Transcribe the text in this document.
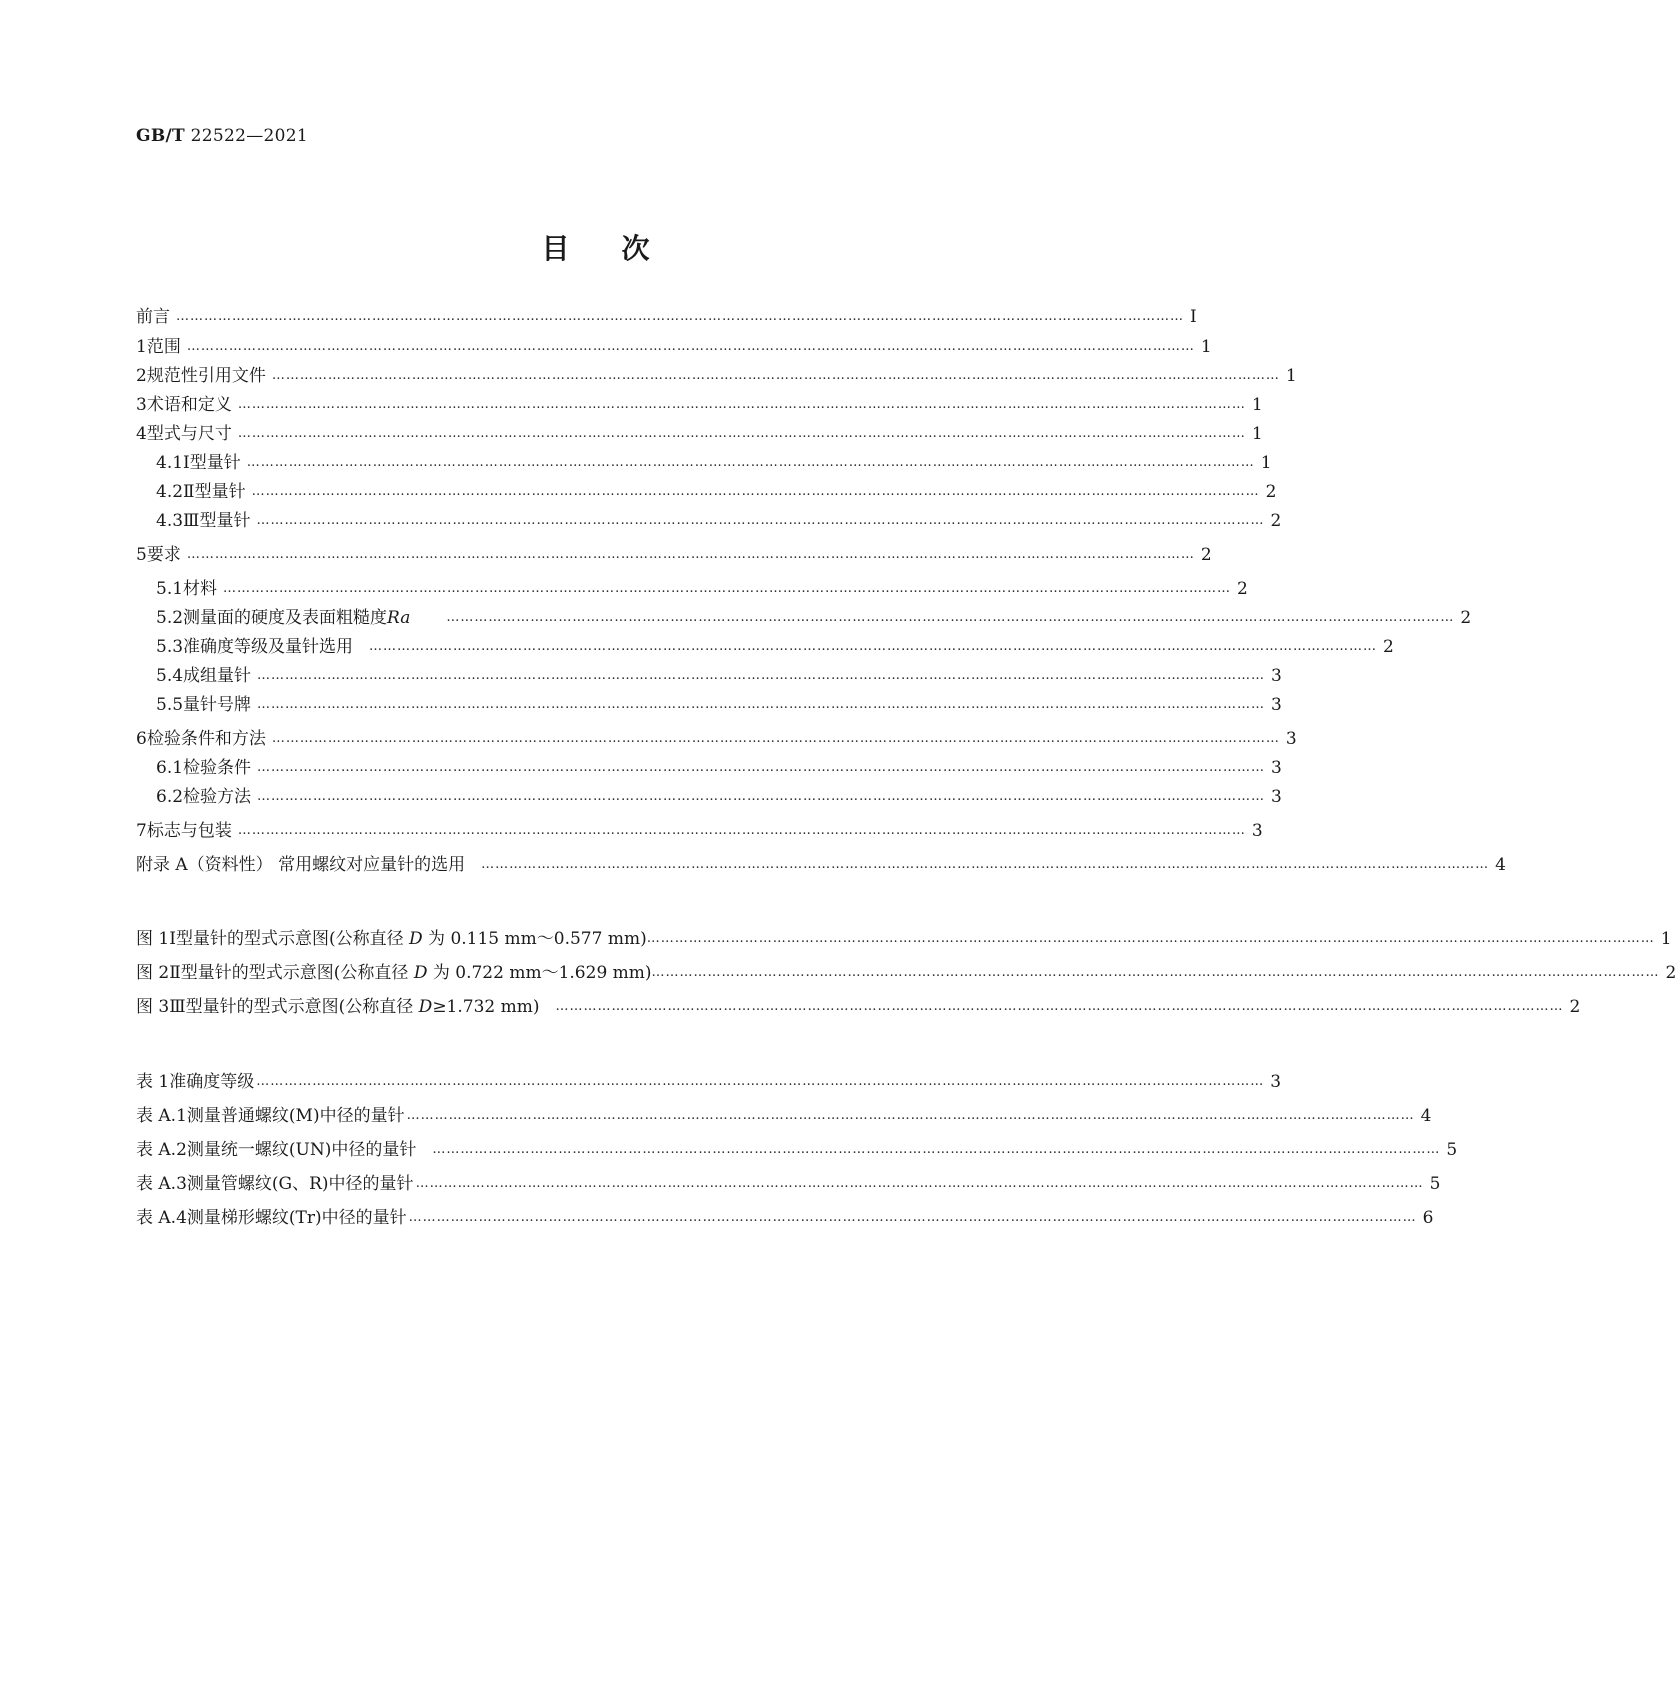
GB/T 22522—2021
目次
前言 ……………………………………………………………………………………………………………………………………………………………………………………………… Ⅰ
1 范围 ……………………………………………………………………………………………………………………………………………………………………………………………… 1
2 规范性引用文件 ……………………………………………………………………………………………………………………………………………………………………………………………… 1
3 术语和定义 ……………………………………………………………………………………………………………………………………………………………………………………………… 1
4 型式与尺寸 ……………………………………………………………………………………………………………………………………………………………………………………………… 1
4.1 Ⅰ型量针 ……………………………………………………………………………………………………………………………………………………………………………………………… 1
4.2 Ⅱ型量针 ……………………………………………………………………………………………………………………………………………………………………………………………… 2
4.3 Ⅲ型量针 ……………………………………………………………………………………………………………………………………………………………………………………………… 2
5 要求 ……………………………………………………………………………………………………………………………………………………………………………………………… 2
5.1 材料 ……………………………………………………………………………………………………………………………………………………………………………………………… 2
5.2 测量面的硬度及表面粗糙度Ra	……………………………………………………………………………………………………………………………………………………………………………………………… 2
5.3 准确度等级及量针选用 ……………………………………………………………………………………………………………………………………………………………………………………………… 2
5.4 成组量针 ……………………………………………………………………………………………………………………………………………………………………………………………… 3
5.5 量针号牌 ……………………………………………………………………………………………………………………………………………………………………………………………… 3
6 检验条件和方法 ……………………………………………………………………………………………………………………………………………………………………………………………… 3
6.1 检验条件 ……………………………………………………………………………………………………………………………………………………………………………………………… 3
6.2 检验方法 ……………………………………………………………………………………………………………………………………………………………………………………………… 3
7 标志与包装 ……………………………………………………………………………………………………………………………………………………………………………………………… 3
附录 A（资料性） 常用螺纹对应量针的选用 ……………………………………………………………………………………………………………………………………………………………………………………………… 4
图 1 Ⅰ型量针的型式示意图(公称直径 D 为 0.115 mm～0.577 mm) ……………………………………………………………………………………………………………………………………………………………………………………………… 1
图 2 Ⅱ型量针的型式示意图(公称直径 D 为 0.722 mm～1.629 mm) ……………………………………………………………………………………………………………………………………………………………………………………………… 2
图 3 Ⅲ型量针的型式示意图(公称直径 D≥1.732 mm) ……………………………………………………………………………………………………………………………………………………………………………………………… 2
表 1 准确度等级 ……………………………………………………………………………………………………………………………………………………………………………………………… 3
表 A.1 测量普通螺纹(M)中径的量针 ……………………………………………………………………………………………………………………………………………………………………………………………… 4
表 A.2 测量统一螺纹(UN)中径的量针 ……………………………………………………………………………………………………………………………………………………………………………………………… 5
表 A.3 测量管螺纹(G、R)中径的量针 ……………………………………………………………………………………………………………………………………………………………………………………………… 5
表 A.4 测量梯形螺纹(Tr)中径的量针 ……………………………………………………………………………………………………………………………………………………………………………………………… 6
